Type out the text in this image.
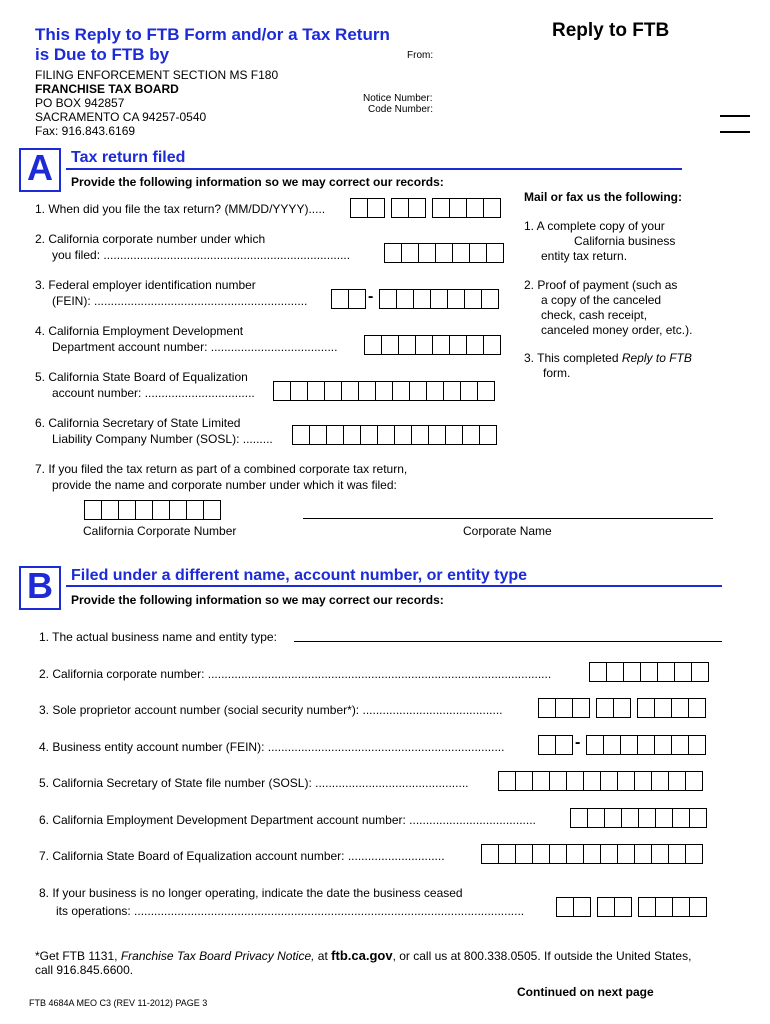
This Reply to FTB Form and/or a Tax Return
is Due to FTB by
Reply to FTB
From:
FILING ENFORCEMENT SECTION MS F180
FRANCHISE TAX BOARD
PO BOX 942857
SACRAMENTO CA 94257-0540
Fax: 916.843.6169
Notice Number:
Code Number:
A	Tax return filed
Provide the following information so we may correct our records:
1. When did you file the tax return? (MM/DD/YYYY).....
2. California corporate number under which
you filed: ..........................................................................
3. Federal employer identification number
(FEIN): ................................................................	-
4. California Employment Development
Department account number: ......................................
5. California State Board of Equalization
account number: .................................
6. California Secretary of State Limited
Liability Company Number (SOSL): .........
7. If you filed the tax return as part of a combined corporate tax return,
provide the name and corporate number under which it was filed:
California Corporate Number	Corporate Name
Mail or fax us the following:
1. A complete copy of your
California business
entity tax return.
2. Proof of payment (such as
a copy of the canceled
check, cash receipt,
canceled money order, etc.).
3. This completed Reply to FTB
form.
B	Filed under a different name, account number, or entity type
Provide the following information so we may correct our records:
1. The actual business name and entity type:
2. California corporate number: .......................................................................................................
3. Sole proprietor account number (social security number*): ..........................................
4. Business entity account number (FEIN): .......................................................................	-
5. California Secretary of State file number (SOSL): ..............................................
6. California Employment Development Department account number: ......................................
7. California State Board of Equalization account number: .............................
8. If your business is no longer operating, indicate the date the business ceased
its operations: .....................................................................................................................
*Get FTB 1131, Franchise Tax Board Privacy Notice, at ftb.ca.gov, or call us at 800.338.0505. If outside the United States,
call 916.845.6600.
Continued on next page
FTB 4684A MEO C3 (REV 11-2012) PAGE 3
